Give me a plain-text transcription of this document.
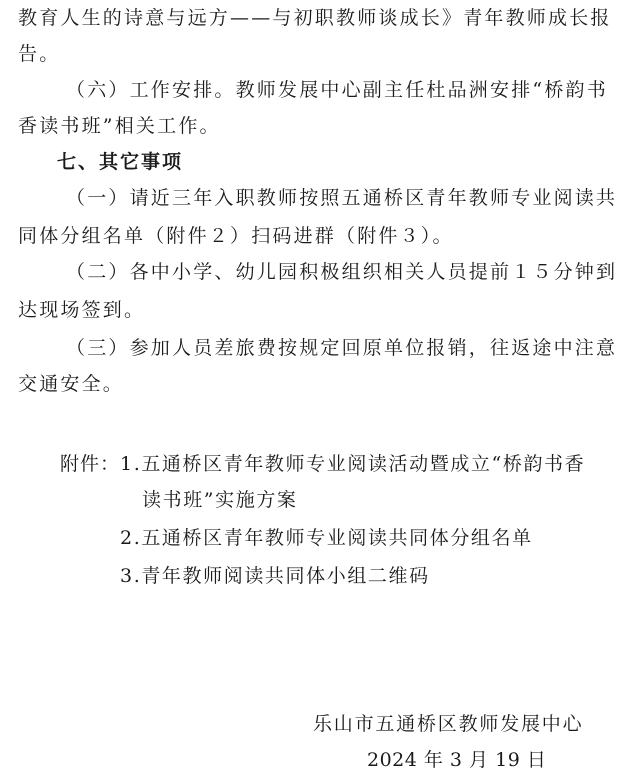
教育人生的诗意与远方——与初职教师谈成长》青年教师成长报
告。
（六）工作安排。教师发展中心副主任杜品洲安排“桥韵书
香读书班”相关工作。
七、其它事项
（一）请近三年入职教师按照五通桥区青年教师专业阅读共
同体分组名单（附件２）扫码进群（附件３）。
（二）各中小学、幼儿园积极组织相关人员提前１５分钟到
达现场签到。
（三）参加人员差旅费按规定回原单位报销，往返途中注意
交通安全。
附件： 1.五通桥区青年教师专业阅读活动暨成立“桥韵书香
读书班”实施方案
2.五通桥区青年教师专业阅读共同体分组名单
3.青年教师阅读共同体小组二维码
乐山市五通桥区教师发展中心
2024 年 3 月 19 日
